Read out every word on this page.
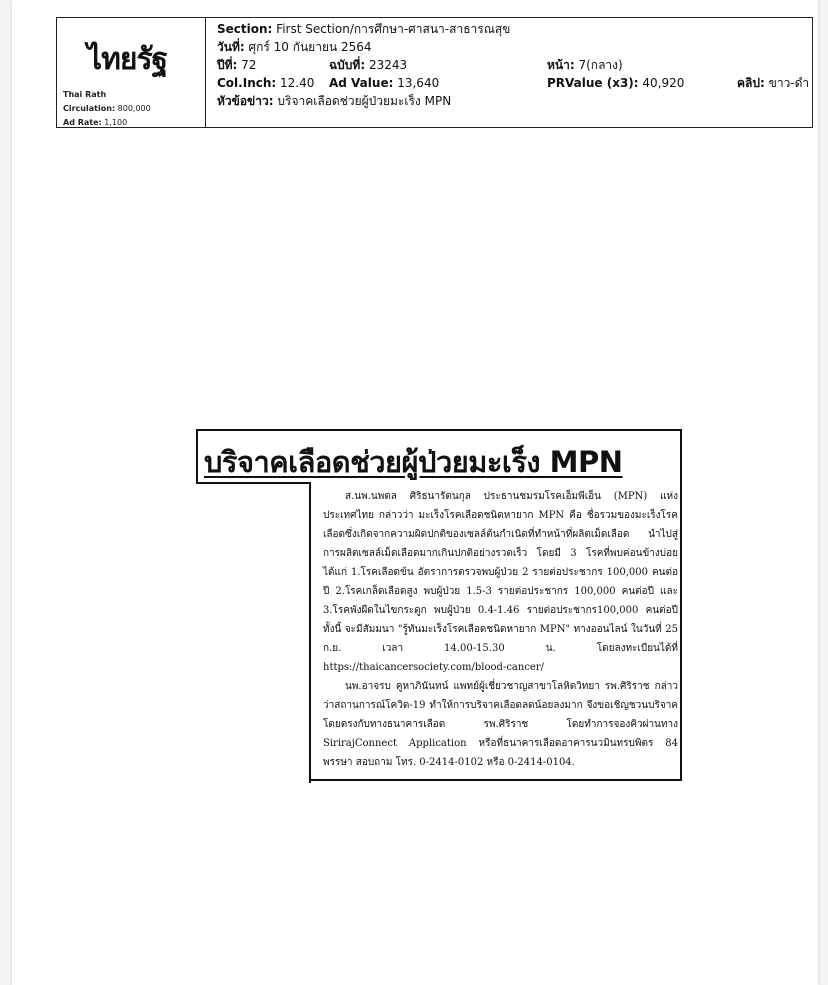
ไทยรัฐ
Thai Rath
Circulation: 800,000
Ad Rate: 1,100
Section: First Section/การศึกษา-ศาสนา-สาธารณสุข
วันที่: ศุกร์ 10 กันยายน 2564
ปีที่: 72	ฉบับที่: 23243	หน้า: 7(กลาง)
Col.Inch: 12.40 Ad Value: 13,640	PRValue (x3): 40,920	คลิป: ขาว-ดำ
หัวข้อข่าว: บริจาคเลือดช่วยผู้ป่วยมะเร็ง MPN
บริจาคเลือดช่วยผู้ป่วยมะเร็ง MPN

ส.นพ.นพดล ศิริธนารัตนกุล ประธานชมรมโรคเอ็มพีเอ็น (MPN) แห่งประเทศไทย กล่าวว่า มะเร็งโรคเลือดชนิดหายาก MPN คือ ชื่อรวมของมะเร็งโรคเลือดซึ่งเกิดจากความผิดปกติของเซลล์ต้นกำเนิดที่ทำหน้าที่ผลิตเม็ดเลือด นำไปสู่การผลิตเซลล์เม็ดเลือดมากเกินปกติอย่างรวดเร็ว โดยมี 3 โรคที่พบค่อนข้างบ่อย ได้แก่ 1.โรคเลือดข้น อัตราการตรวจพบผู้ป่วย 2 รายต่อประชากร 100,000 คนต่อปี 2.โรคเกล็ดเลือดสูง พบผู้ป่วย 1.5-3 รายต่อประชากร 100,000 คนต่อปี และ 3.โรคพังผืดในไขกระดูก พบผู้ป่วย 0.4-1.46 รายต่อประชากร100,000 คนต่อปี ทั้งนี้ จะมีสัมมนา "รู้ทันมะเร็งโรคเลือดชนิดหายาก MPN" ทางออนไลน์ ในวันที่ 25 ก.ย. เวลา 14.00-15.30 น. โดยลงทะเบียนได้ที่ https://thaicancersociety.com/blood-cancer/

นพ.อาจรบ คูหาภินันทน์ แพทย์ผู้เชี่ยวชาญสาขาโลหิตวิทยา รพ.ศิริราช กล่าวว่าสถานการณ์โควิด-19 ทำให้การบริจาคเลือดลดน้อยลงมาก จึงขอเชิญชวนบริจาคโดยตรงกับทางธนาคารเลือด รพ.ศิริราช โดยทำการจองคิวผ่านทาง SirirajConnect Application หรือที่ธนาคารเลือดอาคารนวมินทรบพิตร 84 พรรษา สอบถาม โทร. 0-2414-0102 หรือ 0-2414-0104.
